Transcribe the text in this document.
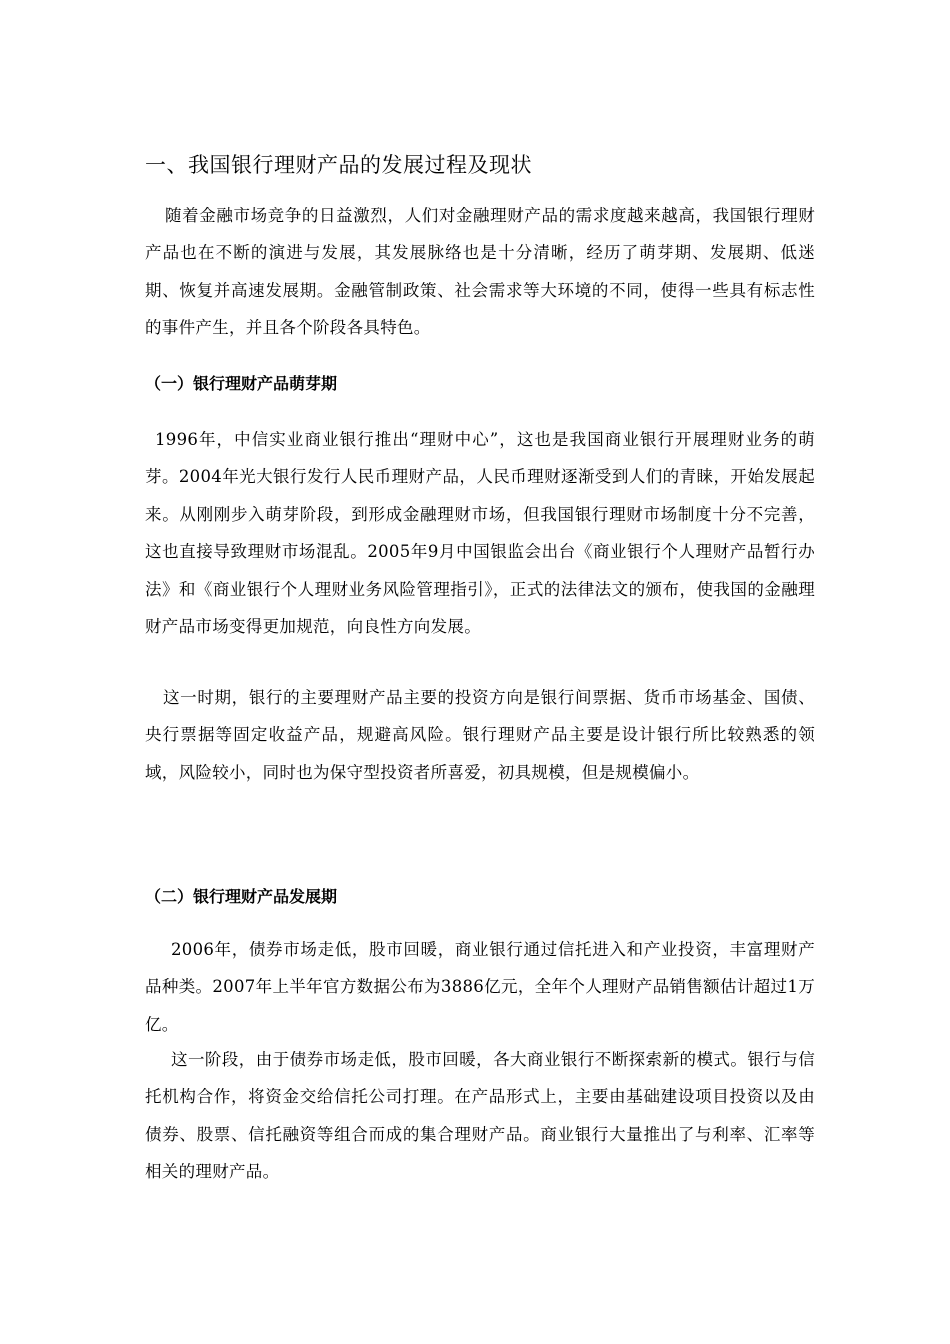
一、我国银行理财产品的发展过程及现状
随着金融市场竞争的日益激烈，人们对金融理财产品的需求度越来越高，我国银行理财产品也在不断的演进与发展，其发展脉络也是十分清晰，经历了萌芽期、发展期、低迷期、恢复并高速发展期。金融管制政策、社会需求等大环境的不同，使得一些具有标志性的事件产生，并且各个阶段各具特色。
（一）银行理财产品萌芽期
1996年，中信实业商业银行推出“理财中心”，这也是我国商业银行开展理财业务的萌芽。2004年光大银行发行人民币理财产品，人民币理财逐渐受到人们的青睐，开始发展起来。从刚刚步入萌芽阶段，到形成金融理财市场，但我国银行理财市场制度十分不完善，这也直接导致理财市场混乱。2005年9月中国银监会出台《商业银行个人理财产品暂行办法》和《商业银行个人理财业务风险管理指引》，正式的法律法文的颁布，使我国的金融理财产品市场变得更加规范，向良性方向发展。
这一时期，银行的主要理财产品主要的投资方向是银行间票据、货币市场基金、国债、央行票据等固定收益产品，规避高风险。银行理财产品主要是设计银行所比较熟悉的领域，风险较小，同时也为保守型投资者所喜爱，初具规模，但是规模偏小。
（二）银行理财产品发展期
2006年，债券市场走低，股市回暖，商业银行通过信托进入和产业投资，丰富理财产品种类。2007年上半年官方数据公布为3886亿元，全年个人理财产品销售额估计超过1万亿。
这一阶段，由于债券市场走低，股市回暖，各大商业银行不断探索新的模式。银行与信托机构合作，将资金交给信托公司打理。在产品形式上，主要由基础建设项目投资以及由债券、股票、信托融资等组合而成的集合理财产品。商业银行大量推出了与利率、汇率等相关的理财产品。
